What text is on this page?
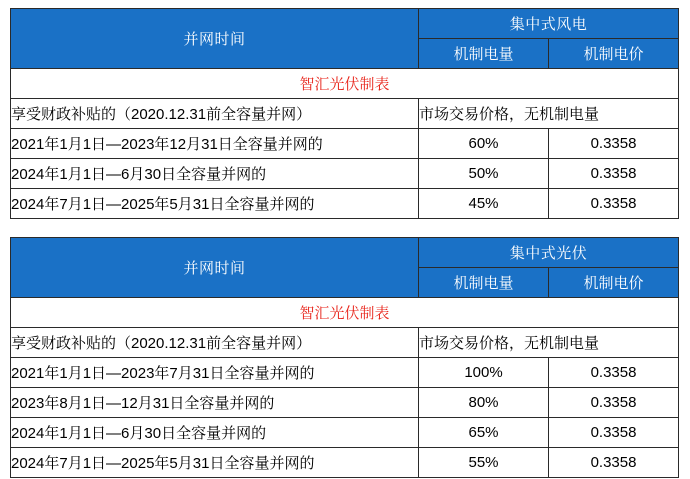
并网时间	集中式风电	
	机制电量	机制电价
智汇光伏制表		
享受财政补贴的（2020.12.31前全容量并网）	市场交易价格，无机制电量	
2021年1月1日—2023年12月31日全容量并网的	60%	0.3358
2024年1月1日—6月30日全容量并网的	50%	0.3358
2024年7月1日—2025年5月31日全容量并网的	45%	0.3358
并网时间	集中式光伏	
	机制电量	机制电价
智汇光伏制表		
享受财政补贴的（2020.12.31前全容量并网）	市场交易价格，无机制电量	
2021年1月1日—2023年7月31日全容量并网的	100%	0.3358
2023年8月1日—12月31日全容量并网的	80%	0.3358
2024年1月1日—6月30日全容量并网的	65%	0.3358
2024年7月1日—2025年5月31日全容量并网的	55%	0.3358
